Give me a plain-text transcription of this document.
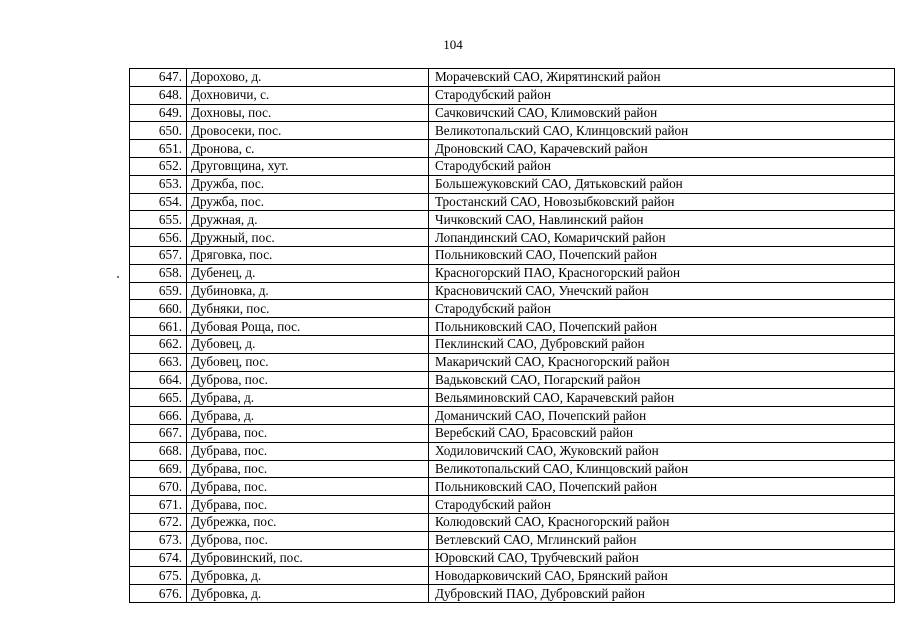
104
647.	Дорохово, д.	Морачевский САО, Жирятинский район
648.	Дохновичи, с.	Стародубский район
649.	Дохновы, пос.	Сачковичский САО, Климовский район
650.	Дровосеки, пос.	Великотопальский САО, Клинцовский район
651.	Дронова, с.	Дроновский САО, Карачевский район
652.	Друговщина, хут.	Стародубский район
653.	Дружба, пос.	Большежуковский САО, Дятьковский район
654.	Дружба, пос.	Тростанский САО, Новозыбковский район
655.	Дружная, д.	Чичковский САО, Навлинский район
656.	Дружный, пос.	Лопандинский САО, Комаричский район
657.	Дряговка, пос.	Польниковский САО, Почепский район
658.	Дубенец, д.	Красногорский ПАО, Красногорский район
659.	Дубиновка, д.	Красновичский САО, Унечский район
660.	Дубняки, пос.	Стародубский район
661.	Дубовая Роща, пос.	Польниковский САО, Почепский район
662.	Дубовец, д.	Пеклинский САО, Дубровский район
663.	Дубовец, пос.	Макаричский САО, Красногорский район
664.	Дуброва, пос.	Вадьковский САО, Погарский район
665.	Дубрава, д.	Вельяминовский САО, Карачевский район
666.	Дубрава, д.	Доманичский САО, Почепский район
667.	Дубрава, пос.	Веребский САО, Брасовский район
668.	Дубрава, пос.	Ходиловичский САО, Жуковский район
669.	Дубрава, пос.	Великотопальский САО, Клинцовский район
670.	Дубрава, пос.	Польниковский САО, Почепский район
671.	Дубрава, пос.	Стародубский район
672.	Дубрежка, пос.	Колюдовский САО, Красногорский район
673.	Дуброва, пос.	Ветлевский САО, Мглинский район
674.	Дубровинский, пос.	Юровский САО, Трубчевский район
675.	Дубровка, д.	Новодарковичский САО, Брянский район
676.	Дубровка, д.	Дубровский ПАО, Дубровский район
